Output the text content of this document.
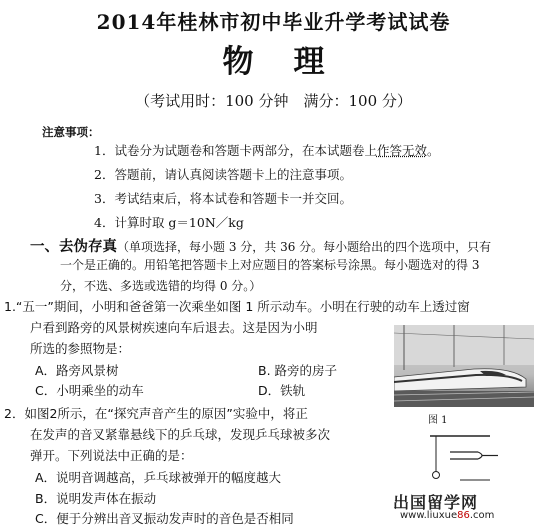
2014年桂林市初中毕业升学考试试卷
物理
（考试用时：100 分钟　满分：100 分）
注意事项：
1．试卷分为试题卷和答题卡两部分，在本试题卷上作答无效。
2．答题前，请认真阅读答题卡上的注意事项。
3．考试结束后，将本试卷和答题卡一并交回。
4．计算时取 g＝10N／kg
一、去伪存真（单项选择，每小题 3 分，共 36 分。每小题给出的四个选项中，只有
一个是正确的。用铅笔把答题卡上对应题目的答案标号涂黑。每小题选对的得 3
分，不选、多选或选错的均得 0 分。）
1.“五一”期间，小明和爸爸第一次乘坐如图 1 所示动车。小明在行驶的动车上透过窗
户看到路旁的风景树疾速向车后退去。这是因为小明
所选的参照物是：
A．路旁风景树	B. 路旁的房子
C．小明乘坐的动车	D．铁轨
图 1
2．如图2所示，在“探究声音产生的原因”实验中，将正
在发声的音叉紧靠悬线下的乒乓球，发现乒乓球被多次
弹开。下列说法中正确的是：
A．说明音调越高，乒乓球被弹开的幅度越大
B．说明发声体在振动
C．便于分辨出音叉振动发声时的音色是否相同
出国留学网
www.liuxue86.com
